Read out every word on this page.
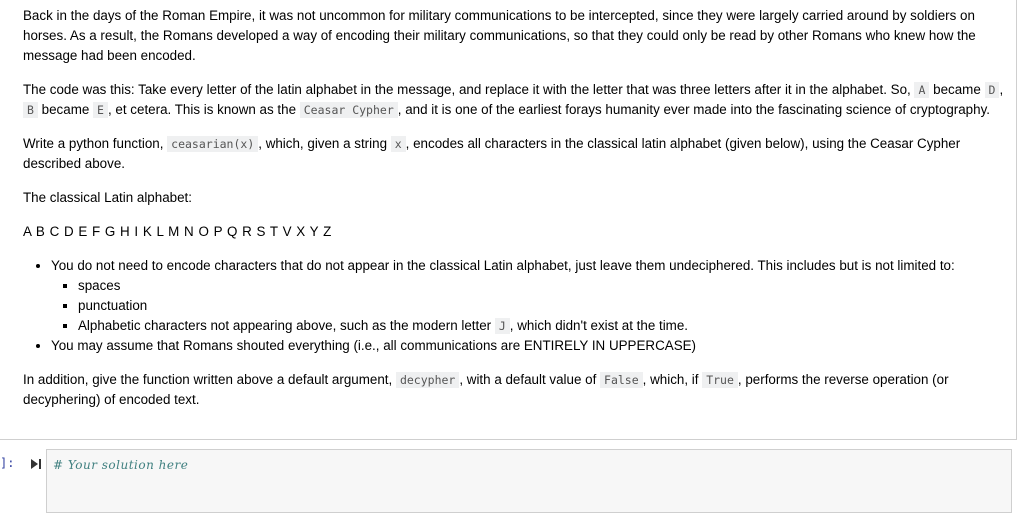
Back in the days of the Roman Empire, it was not uncommon for military communications to be intercepted, since they were largely carried around by soldiers on horses. As a result, the Romans developed a way of encoding their military communications, so that they could only be read by other Romans who knew how the message had been encoded.

The code was this: Take every letter of the latin alphabet in the message, and replace it with the letter that was three letters after it in the alphabet. So, A became D , B became E , et cetera. This is known as the Ceasar Cypher , and it is one of the earliest forays humanity ever made into the fascinating science of cryptography.

Write a python function, ceasarian(x) , which, given a string x , encodes all characters in the classical latin alphabet (given below), using the Ceasar Cypher described above.

The classical Latin alphabet:

A B C D E F G H I K L M N O P Q R S T V X Y Z

• You do not need to encode characters that do not appear in the classical Latin alphabet, just leave them undeciphered. This includes but is not limited to:
▪ spaces
▪ punctuation
▪ Alphabetic characters not appearing above, such as the modern letter J , which didn't exist at the time.
• You may assume that Romans shouted everything (i.e., all communications are ENTIRELY IN UPPERCASE)

In addition, give the function written above a default argument, decypher , with a default value of False , which, if True , performs the reverse operation (or decyphering) of encoded text.

]:	# Your solution here
